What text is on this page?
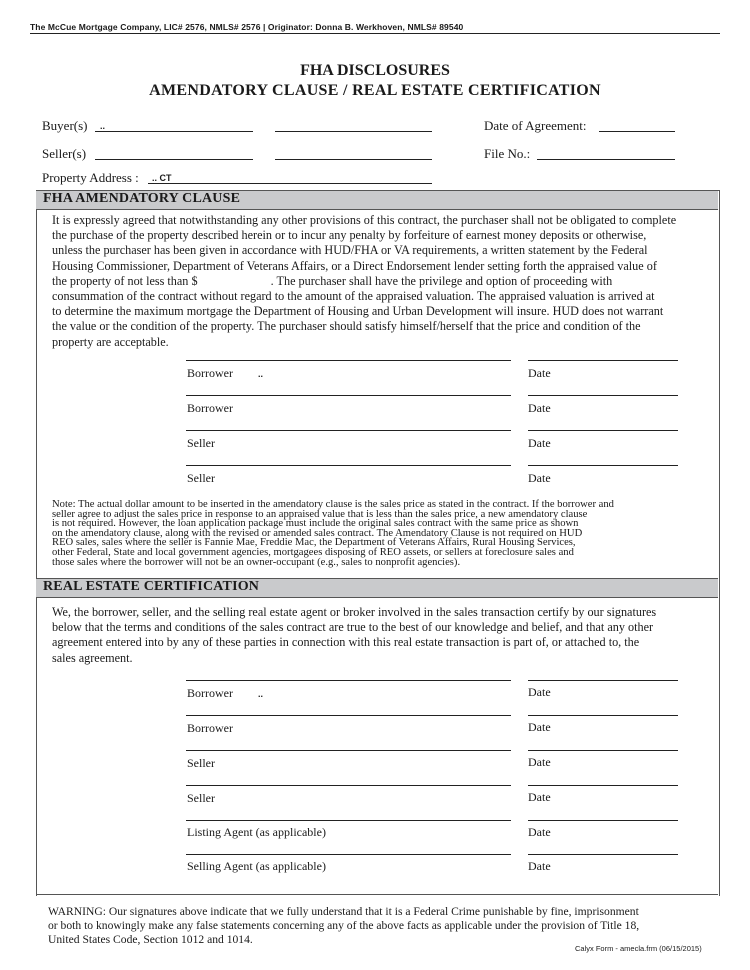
The McCue Mortgage Company, LIC# 2576, NMLS# 2576 | Originator: Donna B. Werkhoven, NMLS# 89540
FHA DISCLOSURES
AMENDATORY CLAUSE / REAL ESTATE CERTIFICATION
Buyer(s) ..	Date of Agreement:
Seller(s)	File No.:
Property Address : .. CT
FHA AMENDATORY CLAUSE
It is expressly agreed that notwithstanding any other provisions of this contract, the purchaser shall not be obligated to complete
the purchase of the property described herein or to incur any penalty by forfeiture of earnest money deposits or otherwise,
unless the purchaser has been given in accordance with HUD/FHA or VA requirements, a written statement by the Federal
Housing Commissioner, Department of Veterans Affairs, or a Direct Endorsement lender setting forth the appraised value of
the property of not less than $                        . The purchaser shall have the privilege and option of proceeding with
consummation of the contract without regard to the amount of the appraised valuation. The appraised valuation is arrived at
to determine the maximum mortgage the Department of Housing and Urban Development will insure. HUD does not warrant
the value or the condition of the property. The purchaser should satisfy himself/herself that the price and condition of the
property are acceptable.
Borrower	..	Date
Borrower	Date
Seller	Date
Seller	Date
Note: The actual dollar amount to be inserted in the amendatory clause is the sales price as stated in the contract. If the borrower and
seller agree to adjust the sales price in response to an appraised value that is less than the sales price, a new amendatory clause
is not required. However, the loan application package must include the original sales contract with the same price as shown
on the amendatory clause, along with the revised or amended sales contract. The Amendatory Clause is not required on HUD
REO sales, sales where the seller is Fannie Mae, Freddie Mac, the Department of Veterans Affairs, Rural Housing Services,
other Federal, State and local government agencies, mortgagees disposing of REO assets, or sellers at foreclosure sales and
those sales where the borrower will not be an owner-occupant (e.g., sales to nonprofit agencies).
REAL ESTATE CERTIFICATION
We, the borrower, seller, and the selling real estate agent or broker involved in the sales transaction certify by our signatures
below that the terms and conditions of the sales contract are true to the best of our knowledge and belief, and that any other
agreement entered into by any of these parties in connection with this real estate transaction is part of, or attached to, the
sales agreement.
Borrower	..	Date
Borrower	Date
Seller	Date
Seller	Date
Listing Agent (as applicable)	Date
Selling Agent (as applicable)	Date
WARNING: Our signatures above indicate that we fully understand that it is a Federal Crime punishable by fine, imprisonment
or both to knowingly make any false statements concerning any of the above facts as applicable under the provision of Title 18,
United States Code, Section 1012 and 1014.
Calyx Form - amecla.frm (06/15/2015)
